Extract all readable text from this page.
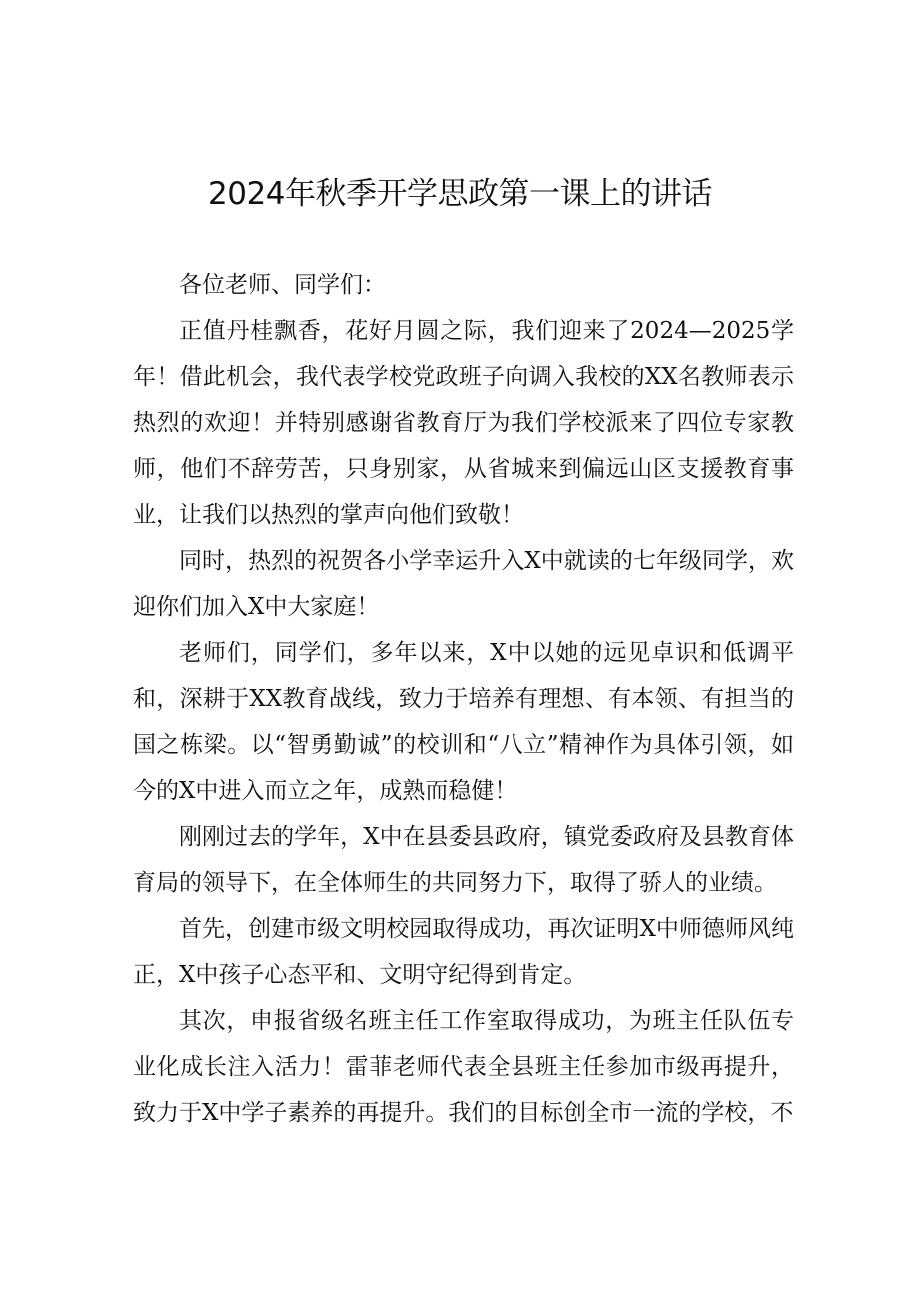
2024年秋季开学思政第一课上的讲话

各位老师、同学们：

正值丹桂飘香，花好月圆之际，我们迎来了2024—2025学年！借此机会，我代表学校党政班子向调入我校的XX名教师表示热烈的欢迎！并特别感谢省教育厅为我们学校派来了四位专家教师，他们不辞劳苦，只身别家，从省城来到偏远山区支援教育事业，让我们以热烈的掌声向他们致敬！

同时，热烈的祝贺各小学幸运升入X中就读的七年级同学，欢迎你们加入X中大家庭！

老师们，同学们，多年以来，X中以她的远见卓识和低调平和，深耕于XX教育战线，致力于培养有理想、有本领、有担当的国之栋梁。以“智勇勤诚”的校训和“八立”精神作为具体引领，如今的X中进入而立之年，成熟而稳健！

刚刚过去的学年，X中在县委县政府，镇党委政府及县教育体育局的领导下，在全体师生的共同努力下，取得了骄人的业绩。

首先，创建市级文明校园取得成功，再次证明X中师德师风纯正，X中孩子心态平和、文明守纪得到肯定。

其次，申报省级名班主任工作室取得成功，为班主任队伍专业化成长注入活力！雷菲老师代表全县班主任参加市级再提升，致力于X中学子素养的再提升。我们的目标创全市一流的学校，不
